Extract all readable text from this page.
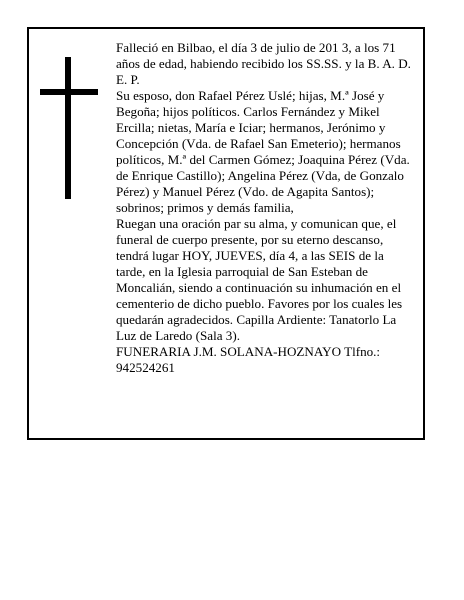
Falleció en Bilbao, el día 3 de julio de 201 3, a los 71 años de edad, habiendo recibido los SS.SS. y la B. A. D. E. P.

Su esposo, don Rafael Pérez Uslé; hijas, M.ª José y Begoña; hijos políticos. Carlos Fernández y Mikel Ercilla; nietas, María e Iciar; hermanos, Jerónimo y Concepción (Vda. de Rafael San Emeterio); hermanos políticos, M.ª del Carmen Gómez; Joaquina Pérez (Vda. de Enrique Castillo); Angelina Pérez (Vda, de Gonzalo Pérez) y Manuel Pérez (Vdo. de Agapita Santos); sobrinos; primos y demás familia,

Ruegan una oración par su alma, y comunican que, el funeral de cuerpo presente, por su eterno descanso, tendrá lugar HOY, JUEVES, día 4, a las SEIS de la tarde, en la Iglesia parroquial de San Esteban de Moncalián, siendo a continuación su inhumación en el cementerio de dicho pueblo. Favores por los cuales les quedarán agradecidos. Capilla Ardiente: Tanatorlo La Luz de Laredo (Sala 3).

FUNERARIA J.M. SOLANA-HOZNAYO Tlfno.: 942524261
